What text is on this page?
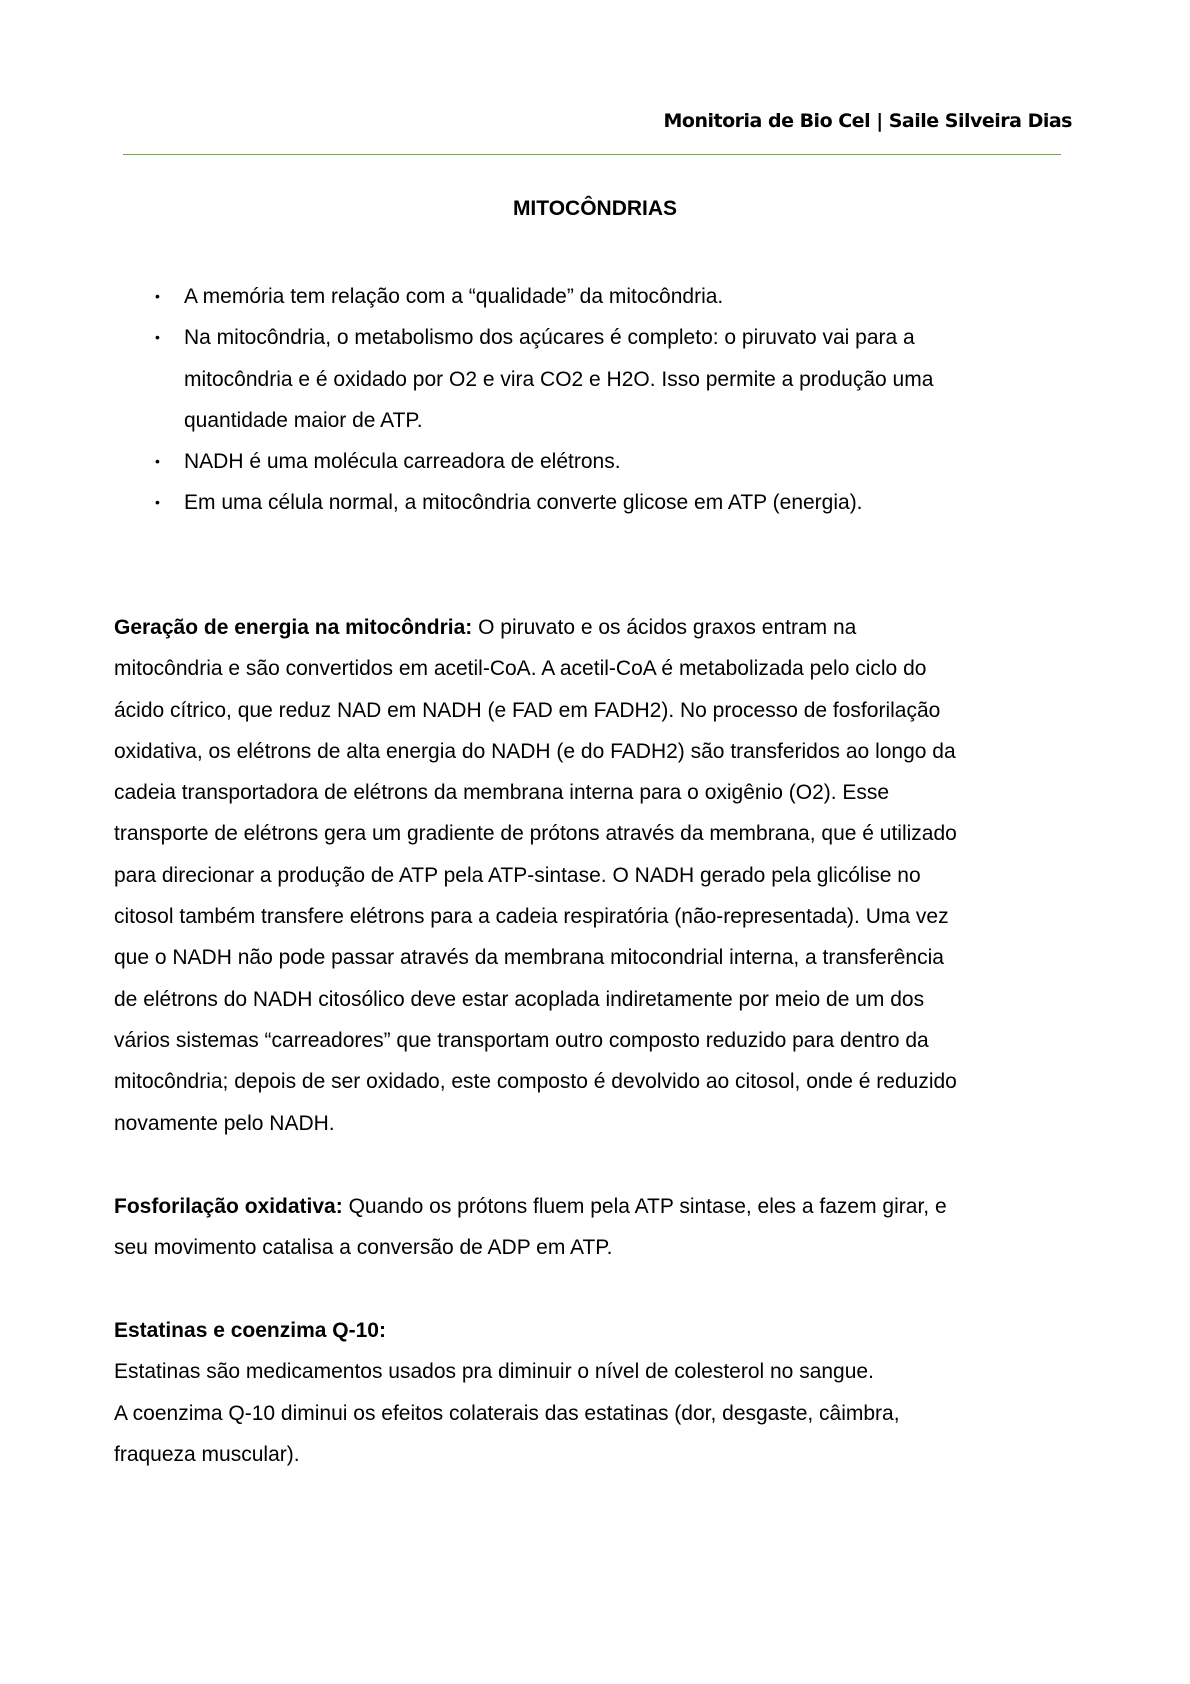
Monitoria de Bio Cel | Saile Silveira Dias
MITOCÔNDRIAS
• A memória tem relação com a “qualidade” da mitocôndria.
• Na mitocôndria, o metabolismo dos açúcares é completo: o piruvato vai para a
mitocôndria e é oxidado por O2 e vira CO2 e H2O. Isso permite a produção uma
quantidade maior de ATP.
• NADH é uma molécula carreadora de elétrons.
• Em uma célula normal, a mitocôndria converte glicose em ATP (energia).
Geração de energia na mitocôndria: O piruvato e os ácidos graxos entram na
mitocôndria e são convertidos em acetil-CoA. A acetil-CoA é metabolizada pelo ciclo do
ácido cítrico, que reduz NAD em NADH (e FAD em FADH2). No processo de fosforilação
oxidativa, os elétrons de alta energia do NADH (e do FADH2) são transferidos ao longo da
cadeia transportadora de elétrons da membrana interna para o oxigênio (O2). Esse
transporte de elétrons gera um gradiente de prótons através da membrana, que é utilizado
para direcionar a produção de ATP pela ATP-sintase. O NADH gerado pela glicólise no
citosol também transfere elétrons para a cadeia respiratória (não-representada). Uma vez
que o NADH não pode passar através da membrana mitocondrial interna, a transferência
de elétrons do NADH citosólico deve estar acoplada indiretamente por meio de um dos
vários sistemas “carreadores” que transportam outro composto reduzido para dentro da
mitocôndria; depois de ser oxidado, este composto é devolvido ao citosol, onde é reduzido
novamente pelo NADH.
Fosforilação oxidativa: Quando os prótons fluem pela ATP sintase, eles a fazem girar, e
seu movimento catalisa a conversão de ADP em ATP.
Estatinas e coenzima Q-10:
Estatinas são medicamentos usados pra diminuir o nível de colesterol no sangue.
A coenzima Q-10 diminui os efeitos colaterais das estatinas (dor, desgaste, câimbra,
fraqueza muscular).
